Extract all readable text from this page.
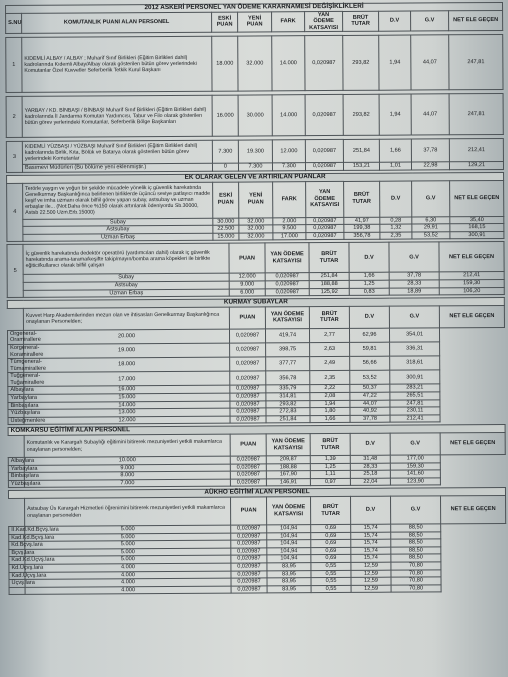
2012 ASKERİ PERSONEL YAN ÖDEME KARARNAMESİ DEĞİŞİKLİKLERİ									
S.NU	KOMUTANLIK PUANI ALAN PERSONEL	ESKİ PUAN	YENİ PUAN	FARK	YAN ÖDEME KATSAYISI	BRÜT TUTAR	D.V	G.V	NET ELE GEÇEN

1	KIDEMLİ ALBAY / ALBAY ; Muharif Sınıf Birlikleri (Eğitim Birlikleri dahil) kadrolarında Kıdemli Albay/Albay olarak gösterilen bütün görev yerlerindeki Komutanlar Özel Kuvvetler Seferberlik Tetkik Kurul Başkanı	18.000	32.000	14.000	0,020987	293,82	1,94	44,07	247,81

2	YARBAY / KD. BİNBAŞI / BİNBAŞI Muharif Sınıf Birlikleri (Eğitim Birlikleri dahil) kadrolarında İl Jandarma Komutan Yardımcısı, Tabur ve Filo olarak gösterilen bütün görev yerlerindeki Komutanlar, Seferberlik Bölge Başkanları	16.000	30.000	14.000	0,020987	293,82	1,94	44,07	247,81

3	KIDEMLİ YÜZBAŞI / YÜZBAŞI Muharif Sınıf Birlikleri (Eğitim Birlikleri dahil) kadrolarında Birlik, Kıta, Bölük ve Batarya olarak gösterilen bütün görev yerlerindeki Komutanlar	7.300	19.300	12.000	0,020987	251,84	1,66	37,78	212,41
	Basımevi Müdürleri (Bu bölüme yeni eklenmiştir.)	0	7.300	7.300	0,020987	153,21	1,01	22,98	129,21
EK OLARAK GELEN VE ARTIRILAN PUANLAR									
4	Terörle yaygın ve yoğun bir şekilde mücadele yönelik iç güvenlik harekatında Genelkurmay Başkanlığınca belirlenen birliklerde üçüncü seviye patlayıcı madde keşif ve imha uzmanı olarak bilfiil görev yapan subay, astsubay ve uzman erbaşlar ile... (Not:Daha önce %150 olarak artırılarak ödeniyordu Sb.30000, Astsb 22.500 Uzm.Erb.15000)	ESKİ PUAN	YENİ PUAN	FARK	YAN ÖDEME KATSAYISI	BRÜT TUTAR	D.V	G.V	NET ELE GEÇEN
	Subay	30.000	32.000	2.000	0,020987	41,97	0,28	6,30	35,40
	Astsubay	22.500	32.000	9.500	0,020987	199,38	1,32	29,91	168,15
	Uzman Erbaş	15.000	32.000	17.000	0,020987	356,78	2,35	53,52	300,91
5	İç güvenlik harekatında dedektör operatörü (yardımcıları dahil) olarak iç güvenlik harekatında arama-tarama/keşifte takip/mayın/bomba arama köpekleri ile birlikte eğitici/kullanıcı olarak bilfiil çalışan	PUAN	YAN ÖDEME KATSAYISI	BRÜT TUTAR	D.V	G.V	NET ELE GEÇEN
	Subay	12.000	0,020987	251,84	1,66	37,78	212,41
	Astsubay	9.000	0,020987	188,88	1,25	28,33	159,30
	Uzman Erbaş	6.000	0,020987	125,92	0,83	18,89	106,20
KURMAY SUBAYLAR							
	Kuvvet Harp Akademilerinden mezun olan ve ihtisasları Genelkurmay Başkanlığınca onaylanan Personelden;	PUAN	YAN ÖDEME KATSAYISI	BRÜT TUTAR	D.V	G.V	NET ELE GEÇEN
Orgeneral-Oramirallere	20.000	0,020987	419,74	2,77	62,96	354,01	
Korgeneral-Koramirallere	19.000	0,020987	398,75	2,63	59,81	336,31	
Tümgeneral-Tümamirallere	18.000	0,020987	377,77	2,49	56,66	318,61	
Tuğgeneral-Tuğamirallere	17.000	0,020987	356,78	2,35	53,52	300,91	
Albaylara	16.000	0,020987	335,79	2,22	50,37	283,21	
Yarbaylara	15.000	0,020987	314,81	2,08	47,22	265,51	
Binbaşılara	14.000	0,020987	293,82	1,94	44,07	247,81	
Yüzbaşılara	13.000	0,020987	272,83	1,80	40,92	230,11	
Üsteğmenlere	12.000	0,020987	251,84	1,66	37,78	212,41	
KOMKARSU EĞİTİMİ ALAN PERSONEL							
	Komutanlık ve Karargah Subaylığı eğitimini bitirerek mezuniyetleri yetkili makamlarca onaylanan personelden;	PUAN	YAN ÖDEME KATSAYISI	BRÜT TUTAR	D.V	G.V	NET ELE GEÇEN
Albaylara	10.000	0,020987	209,87	1,39	31,48	177,00	
Yarbaylara	9.000	0,020987	188,88	1,25	28,33	159,30	
Binbaşılara	8.000	0,020987	167,90	1,11	25,18	141,60	
Yüzbaşılara	7.000	0,020987	146,91	0,97	22,04	123,90	
AÜKHO EĞİTİMİ ALAN PERSONEL							
	Astsubay Üs Karargah Hizmetleri öğrenimini bitirerek mezuniyetleri yetkili makamlarca onaylanan personelden	PUAN	YAN ÖDEME KATSAYISI	BRÜT TUTAR	D.V	G.V	NET ELE GEÇEN
II.Kad.Kd.Bçvş.lara	5.000	0,020987	104,94	0,69	15,74	88,50	
Kad.Kd.Bçvş.lara	5.000	0,020987	104,94	0,69	15,74	88,50	
Kd.Bçvş.lara	5.000	0,020987	104,94	0,69	15,74	88,50	
Bçvş.lara	5.000	0,020987	104,94	0,69	15,74	88,50	
Kad.Kd.Üçvş.lara	5.000	0,020987	104,94	0,69	15,74	88,50	
Kd.Üçvş.lara	4.000	0,020987	83,95	0,55	12,59	70,80	
Kad.Üçvş.lara	4.000	0,020987	83,95	0,55	12,59	70,80	
Üçvş.lara	4.000	0,020987	83,95	0,55	12,59	70,80	
	4.000	0,020987	83,95	0,55	12,59	70,80	
